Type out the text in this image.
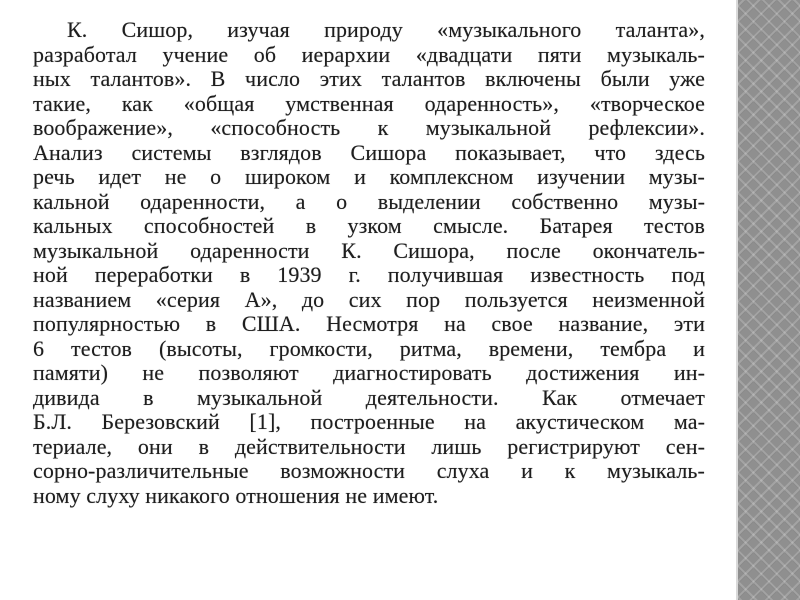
К. Сишор, изучая природу «музыкального таланта»,
разработал учение об иерархии «двадцати пяти музыкаль-
ных талантов». В число этих талантов включены были уже
такие, как «общая умственная одаренность», «творческое
воображение», «способность к музыкальной рефлексии».
Анализ системы взглядов Сишора показывает, что здесь
речь идет не о широком и комплексном изучении музы-
кальной одаренности, а о выделении собственно музы-
кальных способностей в узком смысле. Батарея тестов
музыкальной одаренности К. Сишора, после окончатель-
ной переработки в 1939 г. получившая известность под
названием «серия А», до сих пор пользуется неизменной
популярностью в США. Несмотря на свое название, эти
6 тестов (высоты, громкости, ритма, времени, тембра и
памяти) не позволяют диагностировать достижения ин-
дивида в музыкальной деятельности. Как отмечает
Б.Л. Березовский [1], построенные на акустическом ма-
териале, они в действительности лишь регистрируют сен-
сорно-различительные возможности слуха и к музыкаль-
ному слуху никакого отношения не имеют.
